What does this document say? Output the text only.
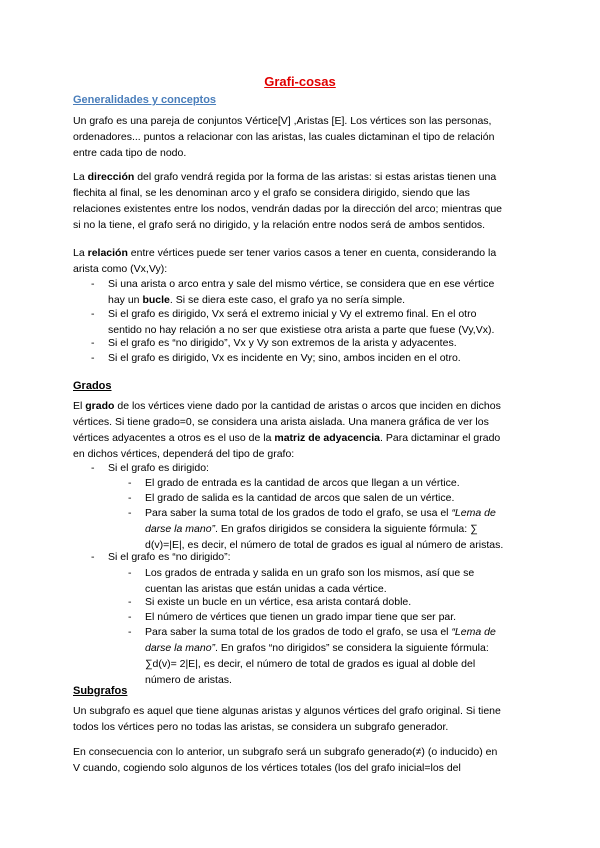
Grafi-cosas
Generalidades y conceptos
Un grafo es una pareja de conjuntos Vértice[V] ,Aristas [E]. Los vértices son las personas,
ordenadores... puntos a relacionar con las aristas, las cuales dictaminan el tipo de relación
entre cada tipo de nodo.
La dirección del grafo vendrá regida por la forma de las aristas: si estas aristas tienen una
flechita al final, se les denominan arco y el grafo se considera dirigido, siendo que las
relaciones existentes entre los nodos, vendrán dadas por la dirección del arco; mientras que
si no la tiene, el grafo será no dirigido, y la relación entre nodos será de ambos sentidos.
La relación entre vértices puede ser tener varios casos a tener en cuenta, considerando la
arista como (Vx,Vy):
- Si una arista o arco entra y sale del mismo vértice, se considera que en ese vértice
hay un bucle. Si se diera este caso, el grafo ya no sería simple.
- Si el grafo es dirigido, Vx será el extremo inicial y Vy el extremo final. En el otro
sentido no hay relación a no ser que existiese otra arista a parte que fuese (Vy,Vx).
- Si el grafo es “no dirigido”, Vx y Vy son extremos de la arista y adyacentes.
- Si el grafo es dirigido, Vx es incidente en Vy; sino, ambos inciden en el otro.
Grados
El grado de los vértices viene dado por la cantidad de aristas o arcos que inciden en dichos
vértices. Si tiene grado=0, se considera una arista aislada. Una manera gráfica de ver los
vértices adyacentes a otros es el uso de la matriz de adyacencia. Para dictaminar el grado
en dichos vértices, dependerá del tipo de grafo:
- Si el grafo es dirigido:
- El grado de entrada es la cantidad de arcos que llegan a un vértice.
- El grado de salida es la cantidad de arcos que salen de un vértice.
- Para saber la suma total de los grados de todo el grafo, se usa el “Lema de
darse la mano”. En grafos dirigidos se considera la siguiente fórmula: ∑
d(v)=|E|, es decir, el número de total de grados es igual al número de aristas.
- Si el grafo es “no dirigido”:
- Los grados de entrada y salida en un grafo son los mismos, así que se
cuentan las aristas que están unidas a cada vértice.
- Si existe un bucle en un vértice, esa arista contará doble.
- El número de vértices que tienen un grado impar tiene que ser par.
- Para saber la suma total de los grados de todo el grafo, se usa el “Lema de
darse la mano”. En grafos “no dirigidos” se considera la siguiente fórmula:
∑d(v)= 2|E|, es decir, el número de total de grados es igual al doble del
número de aristas.
Subgrafos
Un subgrafo es aquel que tiene algunas aristas y algunos vértices del grafo original. Si tiene
todos los vértices pero no todas las aristas, se considera un subgrafo generador.
En consecuencia con lo anterior, un subgrafo será un subgrafo generado(≠) (o inducido) en
V cuando, cogiendo solo algunos de los vértices totales (los del grafo inicial=los del
